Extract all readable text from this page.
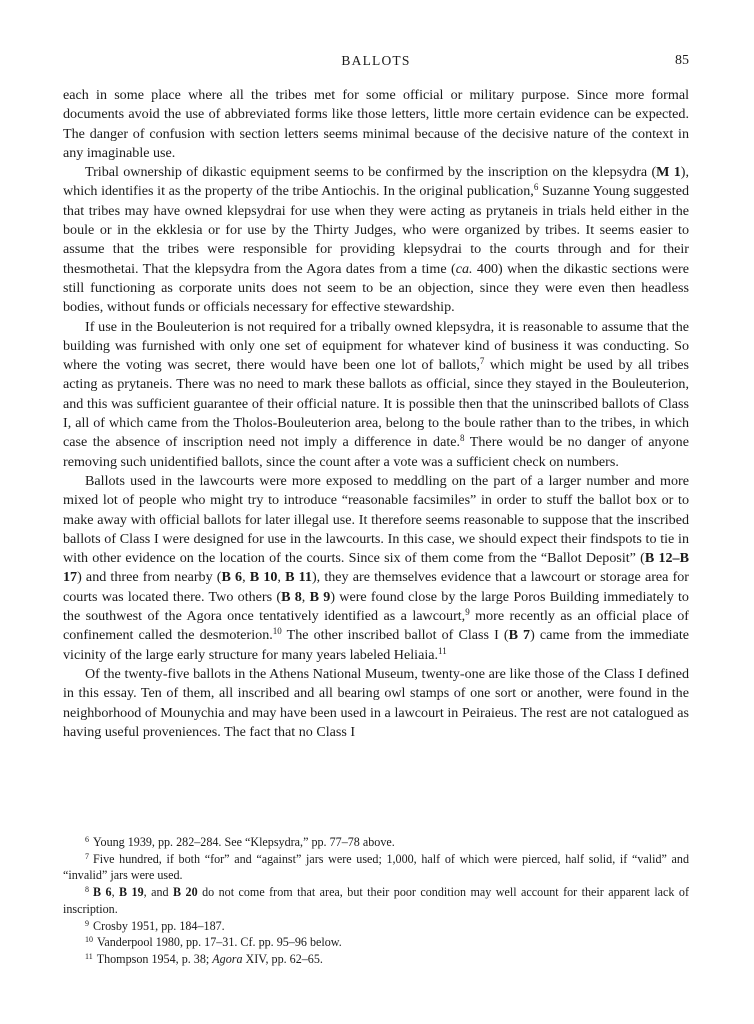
BALLOTS	85

each in some place where all the tribes met for some official or military purpose. Since more formal documents avoid the use of abbreviated forms like those letters, little more certain evidence can be expected. The danger of confusion with section letters seems minimal because of the decisive nature of the context in any imaginable use.

Tribal ownership of dikastic equipment seems to be confirmed by the inscription on the klepsydra (M 1), which identifies it as the property of the tribe Antiochis. In the original publication,$^6$ Suzanne Young suggested that tribes may have owned klepsydrai for use when they were acting as prytaneis in trials held either in the boule or in the ekklesia or for use by the Thirty Judges, who were organized by tribes. It seems easier to assume that the tribes were responsible for providing klepsydrai to the courts through and for their thesmothetai. That the klepsydra from the Agora dates from a time (ca. 400) when the dikastic sections were still functioning as corporate units does not seem to be an objection, since they were even then headless bodies, without funds or officials necessary for effective stewardship.

If use in the Bouleuterion is not required for a tribally owned klepsydra, it is reasonable to assume that the building was furnished with only one set of equipment for whatever kind of business it was conducting. So where the voting was secret, there would have been one lot of ballots,$^7$ which might be used by all tribes acting as prytaneis. There was no need to mark these ballots as official, since they stayed in the Bouleuterion, and this was sufficient guarantee of their official nature. It is possible then that the uninscribed ballots of Class I, all of which came from the Tholos-Bouleuterion area, belong to the boule rather than to the tribes, in which case the absence of inscription need not imply a difference in date.$^8$ There would be no danger of anyone removing such unidentified ballots, since the count after a vote was a sufficient check on numbers.

Ballots used in the lawcourts were more exposed to meddling on the part of a larger number and more mixed lot of people who might try to introduce “reasonable facsimiles” in order to stuff the ballot box or to make away with official ballots for later illegal use. It therefore seems reasonable to suppose that the inscribed ballots of Class I were designed for use in the lawcourts. In this case, we should expect their findspots to tie in with other evidence on the location of the courts. Since six of them come from the “Ballot Deposit” (B 12–B 17) and three from nearby (B 6, B 10, B 11), they are themselves evidence that a lawcourt or storage area for courts was located there. Two others (B 8, B 9) were found close by the large Poros Building immediately to the southwest of the Agora once tentatively identified as a lawcourt,$^9$ more recently as an official place of confinement called the desmoterion.$^{10}$ The other inscribed ballot of Class I (B 7) came from the immediate vicinity of the large early structure for many years labeled Heliaia.$^{11}$

Of the twenty-five ballots in the Athens National Museum, twenty-one are like those of the Class I defined in this essay. Ten of them, all inscribed and all bearing owl stamps of one sort or another, were found in the neighborhood of Mounychia and may have been used in a lawcourt in Peiraieus. The rest are not catalogued as having useful proveniences. The fact that no Class I

$^6$ Young 1939, pp. 282–284. See “Klepsydra,” pp. 77–78 above.

$^7$ Five hundred, if both “for” and “against” jars were used; 1,000, half of which were pierced, half solid, if “valid” and “invalid” jars were used.

$^8$ B 6, B 19, and B 20 do not come from that area, but their poor condition may well account for their apparent lack of inscription.

$^9$ Crosby 1951, pp. 184–187.

$^{10}$ Vanderpool 1980, pp. 17–31. Cf. pp. 95–96 below.

$^{11}$ Thompson 1954, p. 38; Agora XIV, pp. 62–65.
